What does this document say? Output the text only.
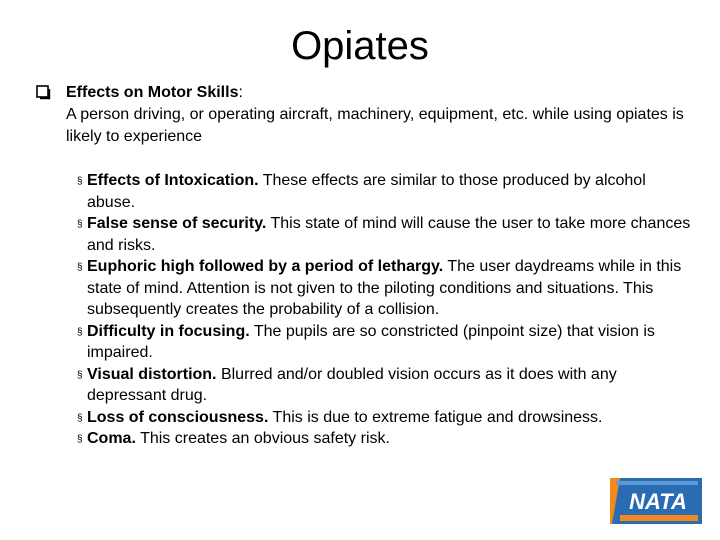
Opiates
Effects on Motor Skills:
A person driving, or operating aircraft, machinery, equipment, etc. while using opiates is likely to experience
§ Effects of Intoxication. These effects are similar to those produced by alcohol abuse.
§ False sense of security. This state of mind will cause the user to take more chances and risks.
§ Euphoric high followed by a period of lethargy. The user daydreams while in this state of mind. Attention is not given to the piloting conditions and situations. This subsequently creates the probability of a collision.
§ Difficulty in focusing. The pupils are so constricted (pinpoint size) that vision is impaired.
§ Visual distortion. Blurred and/or doubled vision occurs as it does with any depressant drug.
§ Loss of consciousness. This is due to extreme fatigue and drowsiness.
§ Coma. This creates an obvious safety risk.
NATA
